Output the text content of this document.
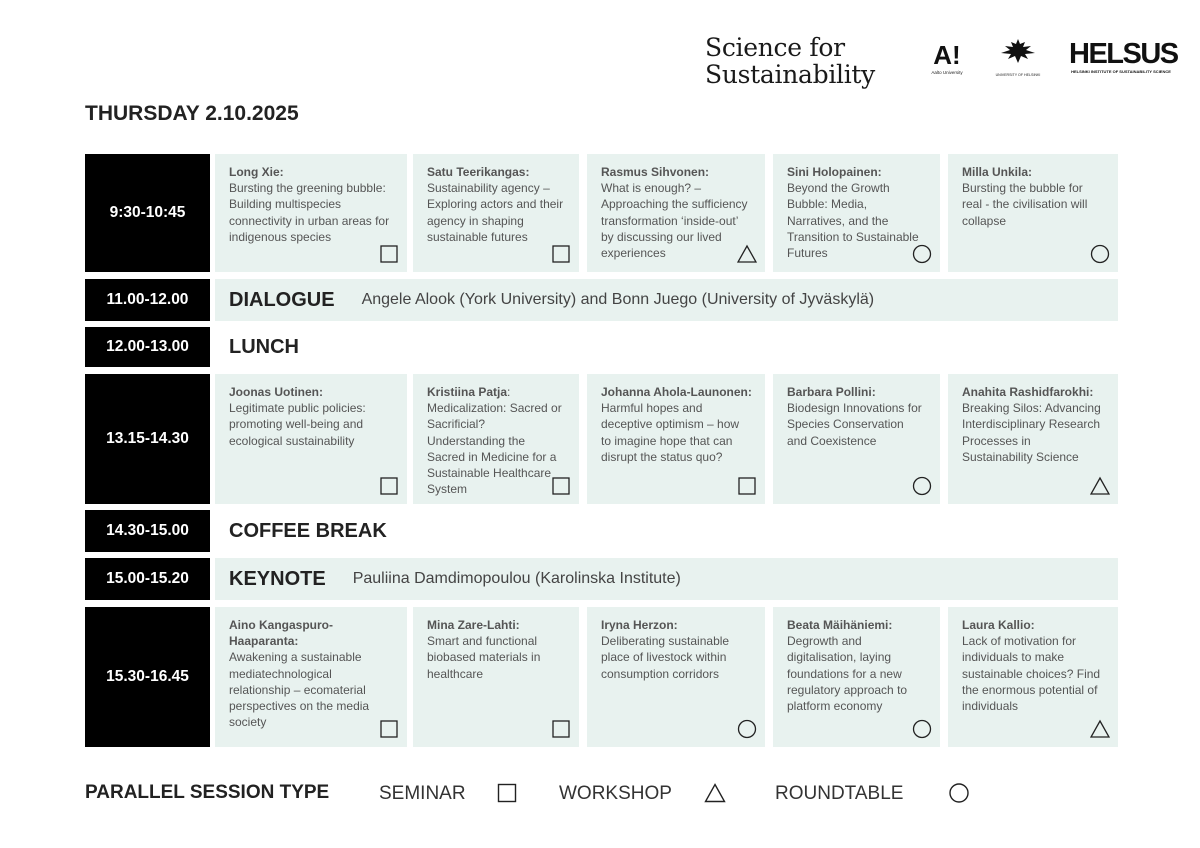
Science for
Sustainability
A!
Aalto University	UNIVERSITY OF HELSINKI
HELSUS
HELSINKI INSTITUTE OF SUSTAINABILITY SCIENCE
THURSDAY 2.10.2025
9:30-10:45
Long Xie:
Bursting the greening bubble: Building multispecies connectivity in urban areas for indigenous species
Satu Teerikangas:
Sustainability agency – Exploring actors and their agency in shaping sustainable futures
Rasmus Sihvonen:
What is enough? – Approaching the sufficiency transformation ‘inside-out’ by discussing our lived experiences
Sini Holopainen:
Beyond the Growth Bubble: Media, Narratives, and the Transition to Sustainable Futures
Milla Unkila:
Bursting the bubble for real - the civilisation will collapse
11.00-12.00	DIALOGUE Angele Alook (York University) and Bonn Juego (University of Jyväskylä)
12.00-13.00	LUNCH
13.15-14.30
Joonas Uotinen:
Legitimate public policies: promoting well-being and ecological sustainability
Kristiina Patja:
Medicalization: Sacred or Sacrificial? Understanding the Sacred in Medicine for a Sustainable Healthcare System
Johanna Ahola-Launonen:
Harmful hopes and deceptive optimism – how to imagine hope that can disrupt the status quo?
Barbara Pollini:
Biodesign Innovations for Species Conservation and Coexistence
Anahita Rashidfarokhi:
Breaking Silos: Advancing Interdisciplinary Research Processes in Sustainability Science
14.30-15.00	COFFEE BREAK
15.00-15.20	KEYNOTE Pauliina Damdimopoulou (Karolinska Institute)
15.30-16.45
Aino Kangaspuro-Haaparanta:
Awakening a sustainable mediatechnological relationship – ecomaterial perspectives on the media society
Mina Zare-Lahti:
Smart and functional biobased materials in healthcare
Iryna Herzon:
Deliberating sustainable place of livestock within consumption corridors
Beata Mäihäniemi:
Degrowth and digitalisation, laying foundations for a new regulatory approach to platform economy
Laura Kallio:
Lack of motivation for individuals to make sustainable choices? Find the enormous potential of individuals
PARALLEL SESSION TYPE	SEMINAR	WORKSHOP	ROUNDTABLE
